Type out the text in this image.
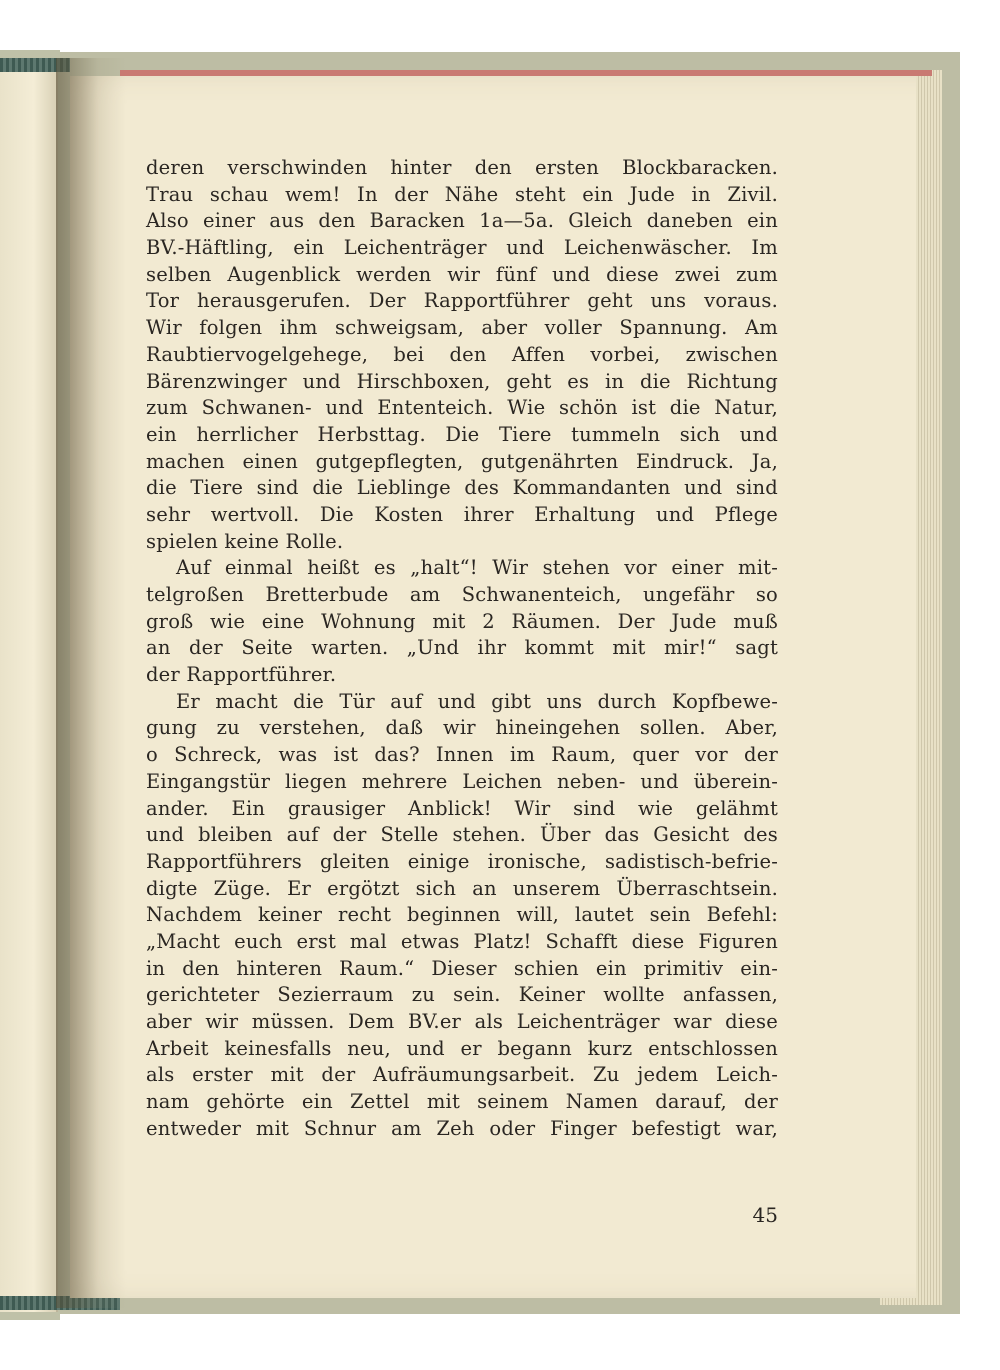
deren verschwinden hinter den ersten Blockbaracken.
Trau schau wem! In der Nähe steht ein Jude in Zivil.
Also einer aus den Baracken 1a—5a. Gleich daneben ein
BV.-Häftling, ein Leichenträger und Leichenwäscher. Im
selben Augenblick werden wir fünf und diese zwei zum
Tor herausgerufen. Der Rapportführer geht uns voraus.
Wir folgen ihm schweigsam, aber voller Spannung. Am
Raubtiervogelgehege, bei den Affen vorbei, zwischen
Bärenzwinger und Hirschboxen, geht es in die Richtung
zum Schwanen- und Ententeich. Wie schön ist die Natur,
ein herrlicher Herbsttag. Die Tiere tummeln sich und
machen einen gutgepflegten, gutgenährten Eindruck. Ja,
die Tiere sind die Lieblinge des Kommandanten und sind
sehr wertvoll. Die Kosten ihrer Erhaltung und Pflege
spielen keine Rolle.
Auf einmal heißt es „halt“! Wir stehen vor einer mit-
telgroßen Bretterbude am Schwanenteich, ungefähr so
groß wie eine Wohnung mit 2 Räumen. Der Jude muß
an der Seite warten. „Und ihr kommt mit mir!“ sagt
der Rapportführer.
Er macht die Tür auf und gibt uns durch Kopfbewe-
gung zu verstehen, daß wir hineingehen sollen. Aber,
o Schreck, was ist das? Innen im Raum, quer vor der
Eingangstür liegen mehrere Leichen neben- und überein-
ander. Ein grausiger Anblick! Wir sind wie gelähmt
und bleiben auf der Stelle stehen. Über das Gesicht des
Rapportführers gleiten einige ironische, sadistisch-befrie-
digte Züge. Er ergötzt sich an unserem Überraschtsein.
Nachdem keiner recht beginnen will, lautet sein Befehl:
„Macht euch erst mal etwas Platz! Schafft diese Figuren
in den hinteren Raum.“ Dieser schien ein primitiv ein-
gerichteter Sezierraum zu sein. Keiner wollte anfassen,
aber wir müssen. Dem BV.er als Leichenträger war diese
Arbeit keinesfalls neu, und er begann kurz entschlossen
als erster mit der Aufräumungsarbeit. Zu jedem Leich-
nam gehörte ein Zettel mit seinem Namen darauf, der
entweder mit Schnur am Zeh oder Finger befestigt war,
45
